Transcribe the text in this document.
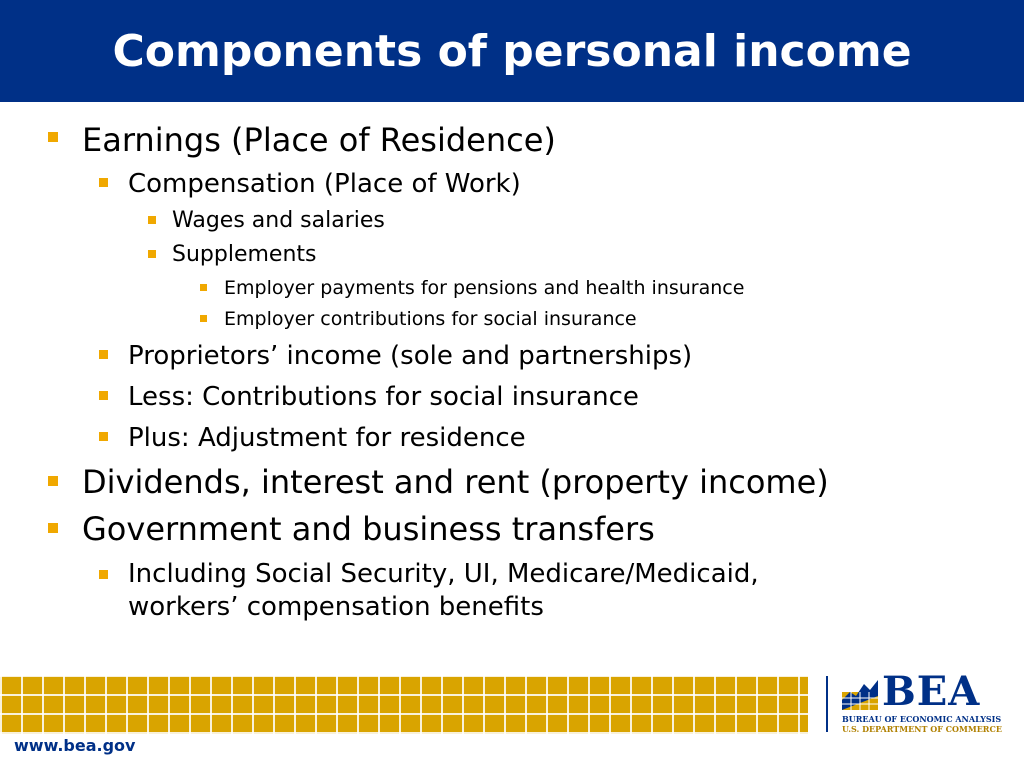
Components of personal income
Earnings (Place of Residence)
Compensation (Place of Work)
Wages and salaries
Supplements
Employer payments for pensions and health insurance
Employer contributions for social insurance
Proprietors’ income (sole and partnerships)
Less: Contributions for social insurance
Plus: Adjustment for residence
Dividends, interest and rent (property income)
Government and business transfers
Including Social Security, UI, Medicare/Medicaid,
workers’ compensation benefits
BEA
BUREAU OF ECONOMIC ANALYSIS
U.S. DEPARTMENT OF COMMERCE
www.bea.gov
